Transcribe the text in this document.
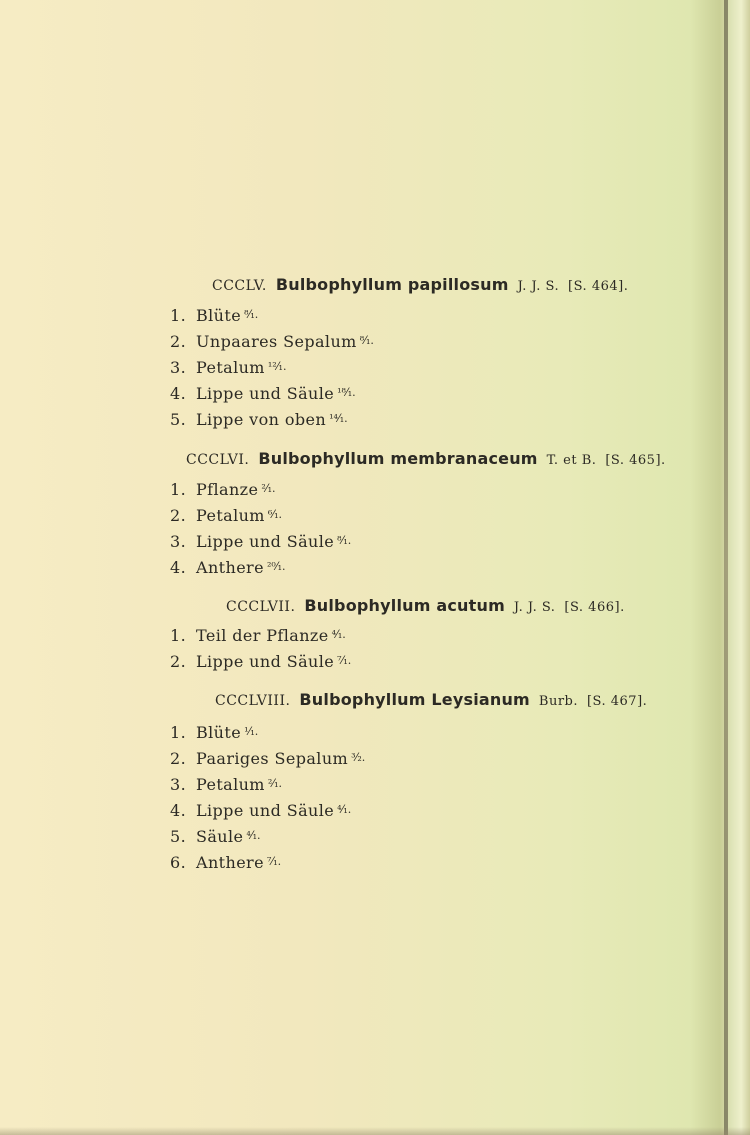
CCCLV. Bulbophyllum papillosum J. J. S. [S. 464].
1. Blüte ⁸⁄₁.
2. Unpaares Sepalum ⁸⁄₁.
3. Petalum ¹²⁄₁.
4. Lippe und Säule ¹⁸⁄₁.
5. Lippe von oben ¹⁴⁄₁.
CCCLVI. Bulbophyllum membranaceum T. et B. [S. 465].
1. Pflanze ²⁄₁.
2. Petalum ⁶⁄₁.
3. Lippe und Säule ⁸⁄₁.
4. Anthere ²⁰⁄₁.
CCCLVII. Bulbophyllum acutum J. J. S. [S. 466].
1. Teil der Pflanze ⁴⁄₁.
2. Lippe und Säule ⁷⁄₁.
CCCLVIII. Bulbophyllum Leysianum Burb. [S. 467].
1. Blüte ¹⁄₁.
2. Paariges Sepalum ³⁄₂.
3. Petalum ²⁄₁.
4. Lippe und Säule ⁴⁄₁.
5. Säule ⁴⁄₁.
6. Anthere ⁷⁄₁.
